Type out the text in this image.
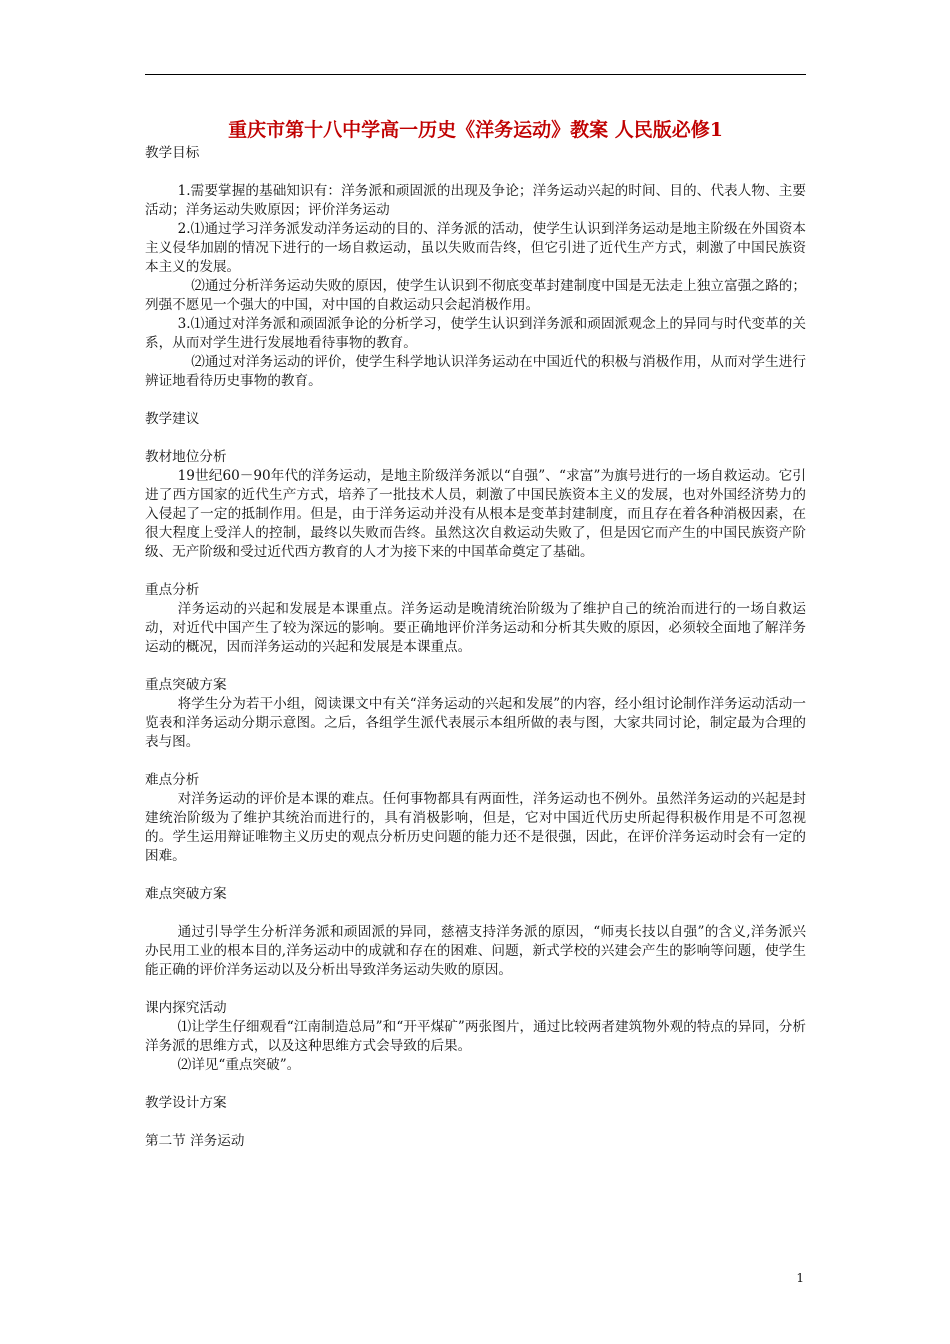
重庆市第十八中学高一历史《洋务运动》教案 人民版必修1
教学目标

1.需要掌握的基础知识有：洋务派和顽固派的出现及争论；洋务运动兴起的时间、目的、代表人物、主要活动；洋务运动失败原因；评价洋务运动

2.⑴通过学习洋务派发动洋务运动的目的、洋务派的活动，使学生认识到洋务运动是地主阶级在外国资本主义侵华加剧的情况下进行的一场自救运动，虽以失败而告终，但它引进了近代生产方式，刺激了中国民族资本主义的发展。

⑵通过分析洋务运动失败的原因，使学生认识到不彻底变革封建制度中国是无法走上独立富强之路的；列强不愿见一个强大的中国，对中国的自救运动只会起消极作用。

3.⑴通过对洋务派和顽固派争论的分析学习，使学生认识到洋务派和顽固派观念上的异同与时代变革的关系，从而对学生进行发展地看待事物的教育。

⑵通过对洋务运动的评价，使学生科学地认识洋务运动在中国近代的积极与消极作用，从而对学生进行辨证地看待历史事物的教育。

教学建议
教材地位分析

19世纪60－90年代的洋务运动，是地主阶级洋务派以“自强”、“求富”为旗号进行的一场自救运动。它引进了西方国家的近代生产方式，培养了一批技术人员，刺激了中国民族资本主义的发展，也对外国经济势力的入侵起了一定的抵制作用。但是，由于洋务运动并没有从根本是变革封建制度，而且存在着各种消极因素，在很大程度上受洋人的控制，最终以失败而告终。虽然这次自救运动失败了，但是因它而产生的中国民族资产阶级、无产阶级和受过近代西方教育的人才为接下来的中国革命奠定了基础。

重点分析

洋务运动的兴起和发展是本课重点。洋务运动是晚清统治阶级为了维护自己的统治而进行的一场自救运动，对近代中国产生了较为深远的影响。要正确地评价洋务运动和分析其失败的原因，必须较全面地了解洋务运动的概况，因而洋务运动的兴起和发展是本课重点。

重点突破方案

将学生分为若干小组，阅读课文中有关“洋务运动的兴起和发展”的内容，经小组讨论制作洋务运动活动一览表和洋务运动分期示意图。之后，各组学生派代表展示本组所做的表与图，大家共同讨论，制定最为合理的表与图。

难点分析

对洋务运动的评价是本课的难点。任何事物都具有两面性，洋务运动也不例外。虽然洋务运动的兴起是封建统治阶级为了维护其统治而进行的，具有消极影响，但是，它对中国近代历史所起得积极作用是不可忽视的。学生运用辩证唯物主义历史的观点分析历史问题的能力还不是很强，因此，在评价洋务运动时会有一定的困难。

难点突破方案

通过引导学生分析洋务派和顽固派的异同，慈禧支持洋务派的原因，“师夷长技以自强”的含义,洋务派兴办民用工业的根本目的,洋务运动中的成就和存在的困难、问题，新式学校的兴建会产生的影响等问题，使学生能正确的评价洋务运动以及分析出导致洋务运动失败的原因。

课内探究活动

⑴让学生仔细观看“江南制造总局”和“开平煤矿”两张图片，通过比较两者建筑物外观的特点的异同，分析洋务派的思维方式，以及这种思维方式会导致的后果。

⑵详见“重点突破”。

教学设计方案
第二节 洋务运动
1
